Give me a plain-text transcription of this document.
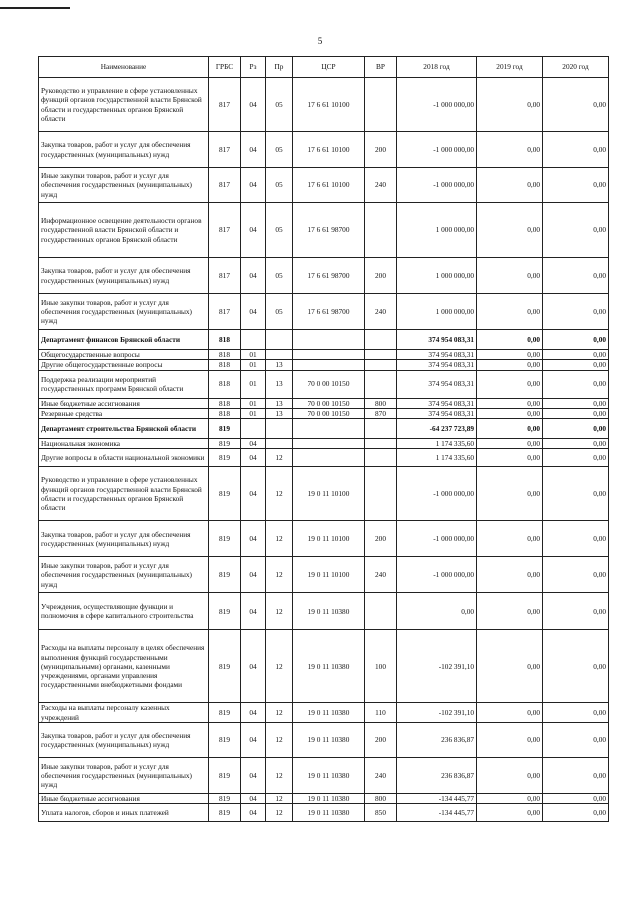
5
Наименование	ГРБС	Рз	Пр	ЦСР	ВР	2018 год	2019 год	2020 год
Руководство и управление в сфере установленных функций органов государственной власти Брянской области и государственных органов Брянской области	817	04	05	17 6 61 10100		-1 000 000,00	0,00	0,00
Закупка товаров, работ и услуг для обеспечения государственных (муниципальных) нужд	817	04	05	17 6 61 10100	200	-1 000 000,00	0,00	0,00
Иные закупки товаров, работ и услуг для обеспечения государственных (муниципальных) нужд	817	04	05	17 6 61 10100	240	-1 000 000,00	0,00	0,00
Информационное освещение деятельности органов государственной власти Брянской области и государственных органов Брянской области	817	04	05	17 6 61 98700		1 000 000,00	0,00	0,00
Закупка товаров, работ и услуг для обеспечения государственных (муниципальных) нужд	817	04	05	17 6 61 98700	200	1 000 000,00	0,00	0,00
Иные закупки товаров, работ и услуг для обеспечения государственных (муниципальных) нужд	817	04	05	17 6 61 98700	240	1 000 000,00	0,00	0,00
Департамент финансов Брянской области	818					374 954 083,31	0,00	0,00
Общегосударственные вопросы	818	01				374 954 083,31	0,00	0,00
Другие общегосударственные вопросы	818	01	13			374 954 083,31	0,00	0,00
Поддержка реализации мероприятий государственных программ Брянской области	818	01	13	70 0 00 10150		374 954 083,31	0,00	0,00
Иные бюджетные ассигнования	818	01	13	70 0 00 10150	800	374 954 083,31	0,00	0,00
Резервные средства	818	01	13	70 0 00 10150	870	374 954 083,31	0,00	0,00
Департамент строительства Брянской области	819					-64 237 723,89	0,00	0,00
Национальная экономика	819	04				1 174 335,60	0,00	0,00
Другие вопросы в области национальной экономики	819	04	12			1 174 335,60	0,00	0,00
Руководство и управление в сфере установленных функций органов государственной власти Брянской области и государственных органов Брянской области	819	04	12	19 0 11 10100		-1 000 000,00	0,00	0,00
Закупка товаров, работ и услуг для обеспечения государственных (муниципальных) нужд	819	04	12	19 0 11 10100	200	-1 000 000,00	0,00	0,00
Иные закупки товаров, работ и услуг для обеспечения государственных (муниципальных) нужд	819	04	12	19 0 11 10100	240	-1 000 000,00	0,00	0,00
Учреждения, осуществляющие функции и полномочия в сфере капитального строительства	819	04	12	19 0 11 10380		0,00	0,00	0,00
Расходы на выплаты персоналу в целях обеспечения выполнения функций государственными (муниципальными) органами, казенными учреждениями, органами управления государственными внебюджетными фондами	819	04	12	19 0 11 10380	100	-102 391,10	0,00	0,00
Расходы на выплаты персоналу казенных учреждений	819	04	12	19 0 11 10380	110	-102 391,10	0,00	0,00
Закупка товаров, работ и услуг для обеспечения государственных (муниципальных) нужд	819	04	12	19 0 11 10380	200	236 836,87	0,00	0,00
Иные закупки товаров, работ и услуг для обеспечения государственных (муниципальных) нужд	819	04	12	19 0 11 10380	240	236 836,87	0,00	0,00
Иные бюджетные ассигнования	819	04	12	19 0 11 10380	800	-134 445,77	0,00	0,00
Уплата налогов, сборов и иных платежей	819	04	12	19 0 11 10380	850	-134 445,77	0,00	0,00
